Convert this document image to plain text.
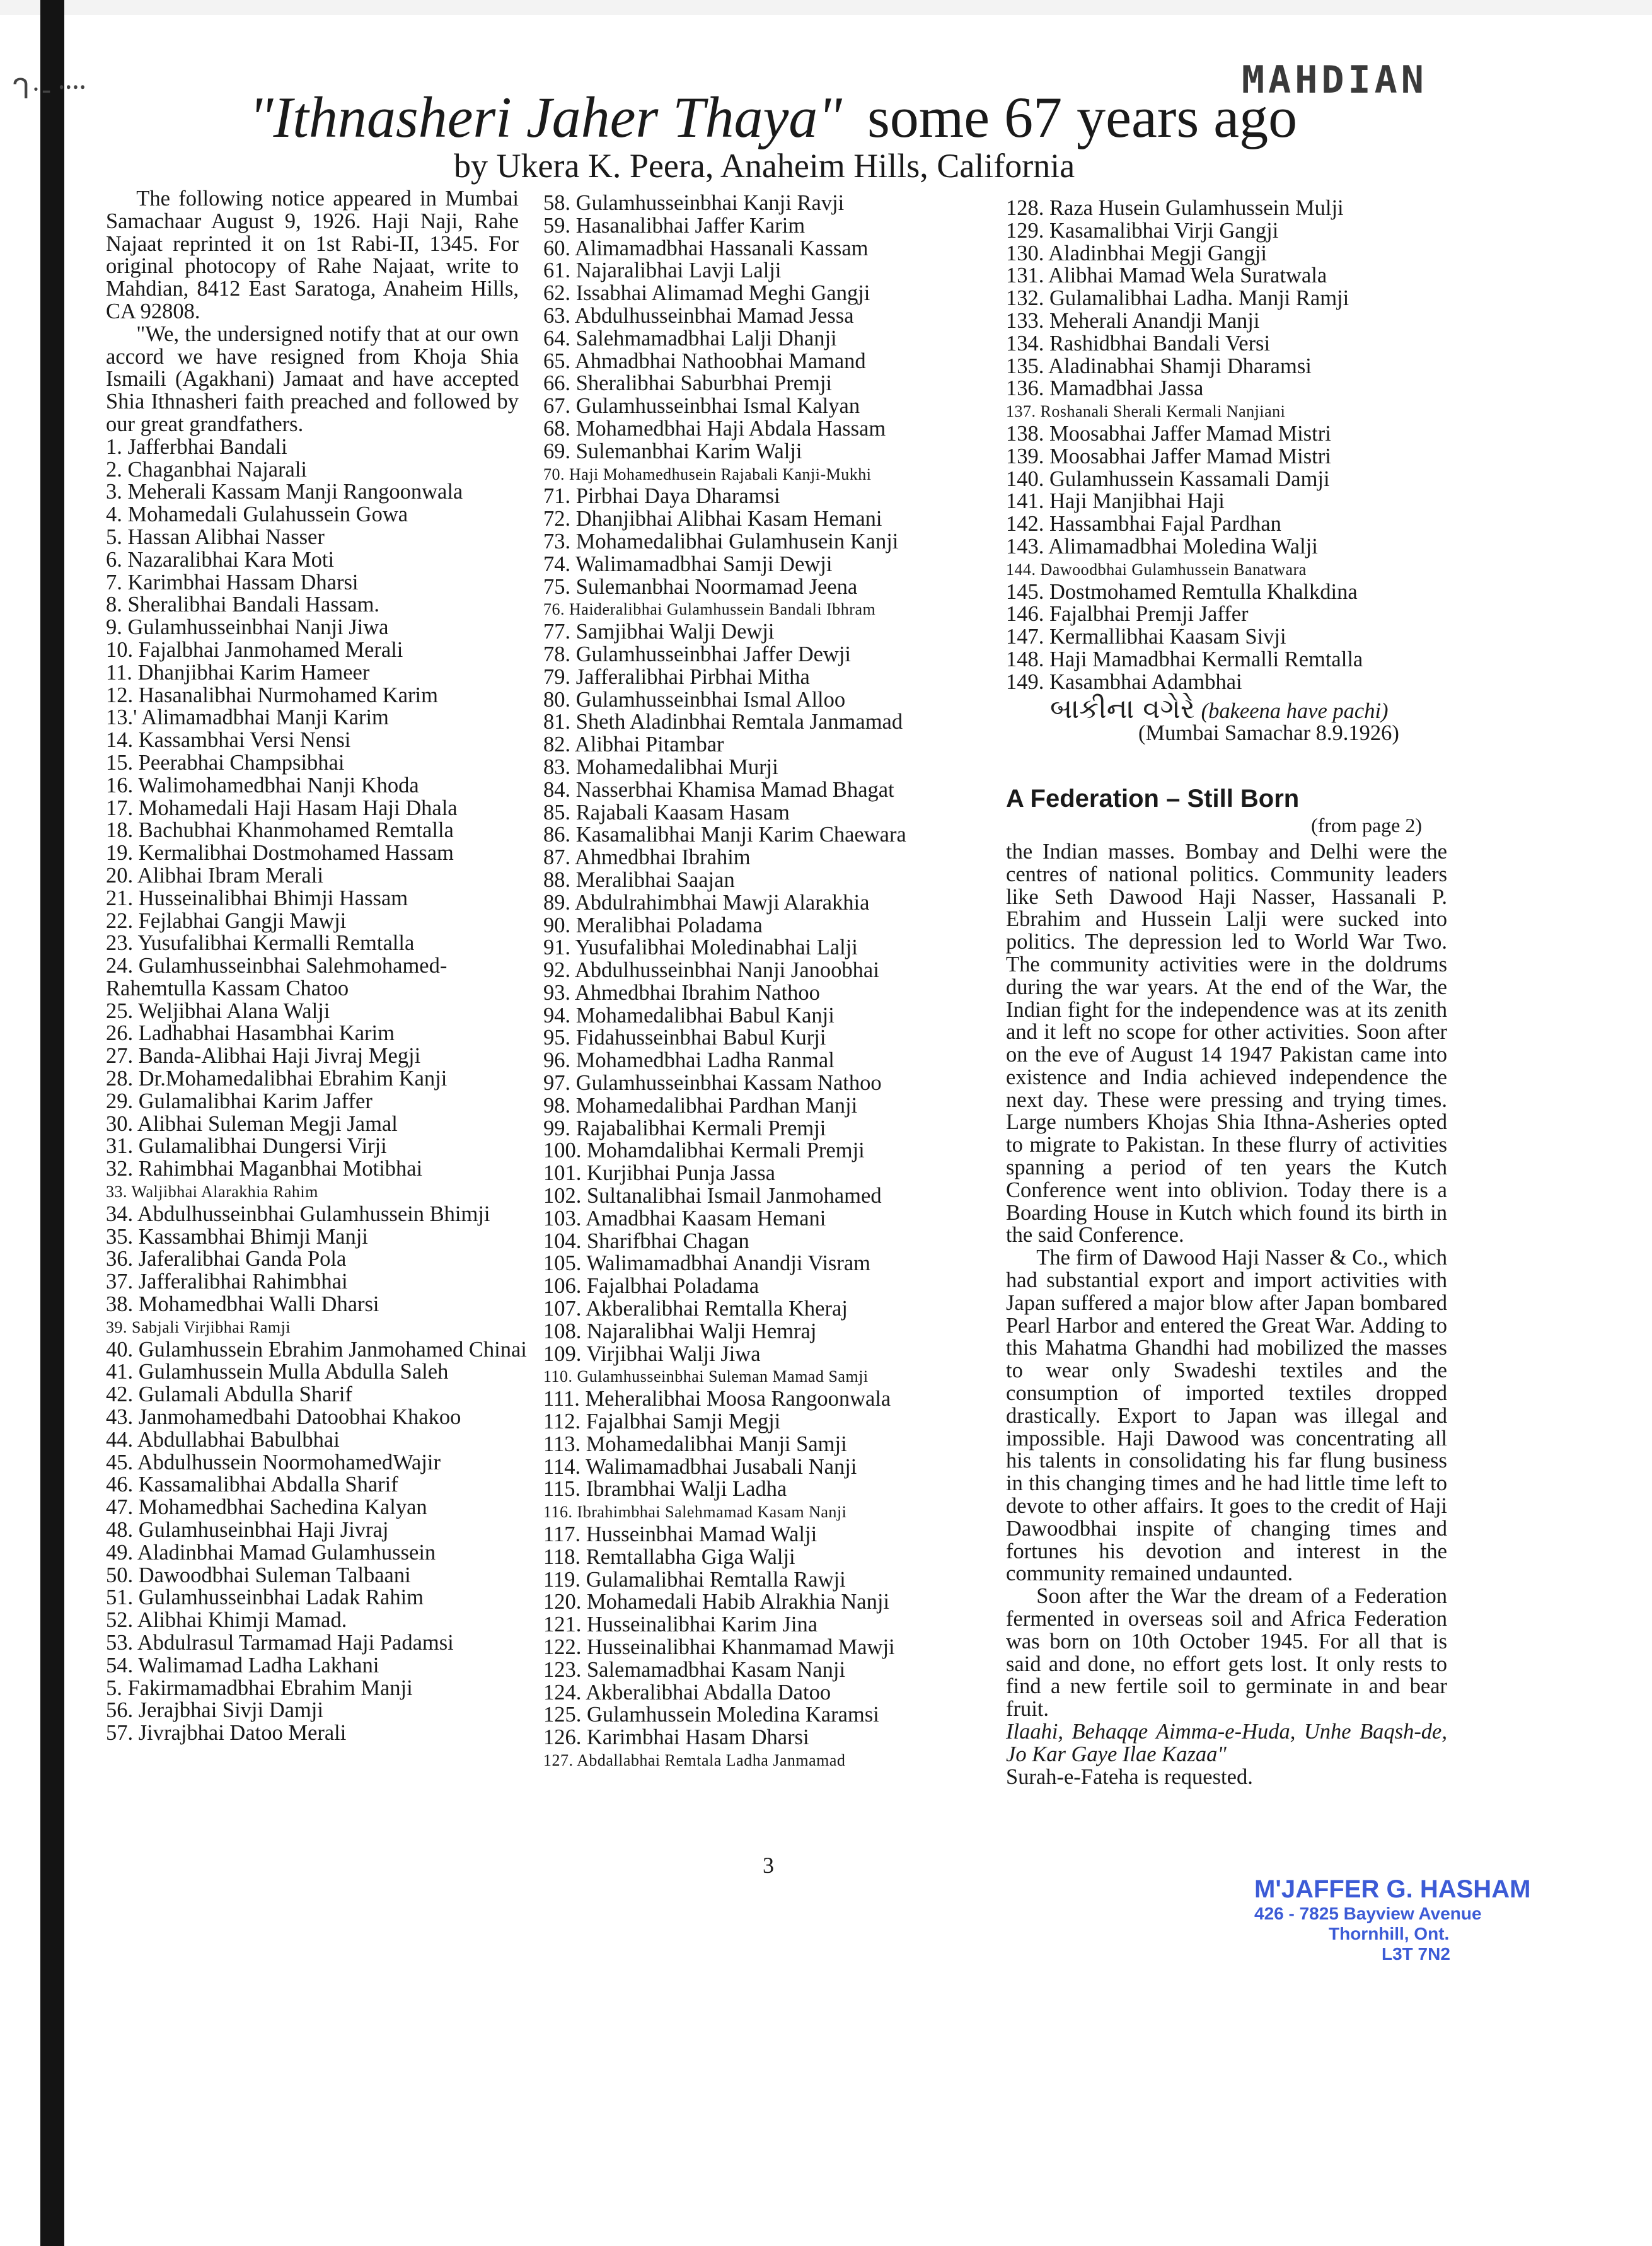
ᒉ·-᠁	MAHDIAN
"Ithnasheri Jaher Thaya" some 67 years ago
by Ukera K. Peera, Anaheim Hills, California

The following notice appeared in Mumbai Samachaar August 9, 1926. Haji Naji, Rahe Najaat reprinted it on 1st Rabi-II, 1345. For original photocopy of Rahe Najaat, write to Mahdian, 8412 East Saratoga, Anaheim Hills, CA 92808.

"We, the undersigned notify that at our own accord we have resigned from Khoja Shia Ismaili (Agakhani) Jamaat and have accepted Shia Ithnasheri faith preached and followed by our great grandfathers.

1. Jafferbhai Bandali
2. Chaganbhai Najarali
3. Meherali Kassam Manji Rangoonwala
4. Mohamedali Gulahussein Gowa
5. Hassan Alibhai Nasser
6. Nazaralibhai Kara Moti
7. Karimbhai Hassam Dharsi
8. Sheralibhai Bandali Hassam.
9. Gulamhusseinbhai Nanji Jiwa
10. Fajalbhai Janmohamed Merali
11. Dhanjibhai Karim Hameer
12. Hasanalibhai Nurmohamed Karim
13.' Alimamadbhai Manji Karim
14. Kassambhai Versi Nensi
15. Peerabhai Champsibhai
16. Walimohamedbhai Nanji Khoda
17. Mohamedali Haji Hasam Haji Dhala
18. Bachubhai Khanmohamed Remtalla
19. Kermalibhai Dostmohamed Hassam
20. Alibhai Ibram Merali
21. Husseinalibhai Bhimji Hassam
22. Fejlabhai Gangji Mawji
23. Yusufalibhai Kermalli Remtalla
24. Gulamhusseinbhai Salehmohamed-
Rahemtulla Kassam Chatoo
25. Weljibhai Alana Walji
26. Ladhabhai Hasambhai Karim
27. Banda-Alibhai Haji Jivraj Megji
28. Dr.Mohamedalibhai Ebrahim Kanji
29. Gulamalibhai Karim Jaffer
30. Alibhai Suleman Megji Jamal
31. Gulamalibhai Dungersi Virji
32. Rahimbhai Maganbhai Motibhai
33. Waljibhai Alarakhia Rahim
34. Abdulhusseinbhai Gulamhussein Bhimji
35. Kassambhai Bhimji Manji
36. Jaferalibhai Ganda Pola
37. Jafferalibhai Rahimbhai
38. Mohamedbhai Walli Dharsi
39. Sabjali Virjibhai Ramji
40. Gulamhussein Ebrahim Janmohamed Chinai
41. Gulamhussein Mulla Abdulla Saleh
42. Gulamali Abdulla Sharif
43. Janmohamedbahi Datoobhai Khakoo
44. Abdullabhai Babulbhai
45. Abdulhussein NoormohamedWajir
46. Kassamalibhai Abdalla Sharif
47. Mohamedbhai Sachedina Kalyan
48. Gulamhuseinbhai Haji Jivraj
49. Aladinbhai Mamad Gulamhussein
50. Dawoodbhai Suleman Talbaani
51. Gulamhusseinbhai Ladak Rahim
52. Alibhai Khimji Mamad.
53. Abdulrasul Tarmamad Haji Padamsi
54. Walimamad Ladha Lakhani
5. Fakirmamadbhai Ebrahim Manji
56. Jerajbhai Sivji Damji
57. Jivrajbhai Datoo Merali
58. Gulamhusseinbhai Kanji Ravji
59. Hasanalibhai Jaffer Karim
60. Alimamadbhai Hassanali Kassam
61. Najaralibhai Lavji Lalji
62. Issabhai Alimamad Meghi Gangji
63. Abdulhusseinbhai Mamad Jessa
64. Salehmamadbhai Lalji Dhanji
65. Ahmadbhai Nathoobhai Mamand
66. Sheralibhai Saburbhai Premji
67. Gulamhusseinbhai Ismal Kalyan
68. Mohamedbhai Haji Abdala Hassam
69. Sulemanbhai Karim Walji
70. Haji Mohamedhusein Rajabali Kanji-Mukhi
71. Pirbhai Daya Dharamsi
72. Dhanjibhai Alibhai Kasam Hemani
73. Mohamedalibhai Gulamhusein Kanji
74. Walimamadbhai Samji Dewji
75. Sulemanbhai Noormamad Jeena
76. Haideralibhai Gulamhussein Bandali Ibhram
77. Samjibhai Walji Dewji
78. Gulamhusseinbhai Jaffer Dewji
79. Jafferalibhai Pirbhai Mitha
80. Gulamhusseinbhai Ismal Alloo
81. Sheth Aladinbhai Remtala Janmamad
82. Alibhai Pitambar
83. Mohamedalibhai Murji
84. Nasserbhai Khamisa Mamad Bhagat
85. Rajabali Kaasam Hasam
86. Kasamalibhai Manji Karim Chaewara
87. Ahmedbhai Ibrahim
88. Meralibhai Saajan
89. Abdulrahimbhai Mawji Alarakhia
90. Meralibhai Poladama
91. Yusufalibhai Moledinabhai Lalji
92. Abdulhusseinbhai Nanji Janoobhai
93. Ahmedbhai Ibrahim Nathoo
94. Mohamedalibhai Babul Kanji
95. Fidahusseinbhai Babul Kurji
96. Mohamedbhai Ladha Ranmal
97. Gulamhusseinbhai Kassam Nathoo
98. Mohamedalibhai Pardhan Manji
99. Rajabalibhai Kermali Premji
100. Mohamdalibhai Kermali Premji
101. Kurjibhai Punja Jassa
102. Sultanalibhai Ismail Janmohamed
103. Amadbhai Kaasam Hemani
104. Sharifbhai Chagan
105. Walimamadbhai Anandji Visram
106. Fajalbhai Poladama
107. Akberalibhai Remtalla Kheraj
108. Najaralibhai Walji Hemraj
109. Virjibhai Walji Jiwa
110. Gulamhusseinbhai Suleman Mamad Samji
111. Meheralibhai Moosa Rangoonwala
112. Fajalbhai Samji Megji
113. Mohamedalibhai Manji Samji
114. Walimamadbhai Jusabali Nanji
115. Ibrambhai Walji Ladha
116. Ibrahimbhai Salehmamad Kasam Nanji
117. Husseinbhai Mamad Walji
118. Remtallabha Giga Walji
119. Gulamalibhai Remtalla Rawji
120. Mohamedali Habib Alrakhia Nanji
121. Husseinalibhai Karim Jina
122. Husseinalibhai Khanmamad Mawji
123. Salemamadbhai Kasam Nanji
124. Akberalibhai Abdalla Datoo
125. Gulamhussein Moledina Karamsi
126. Karimbhai Hasam Dharsi
127. Abdallabhai Remtala Ladha Janmamad
128. Raza Husein Gulamhussein Mulji
129. Kasamalibhai Virji Gangji
130. Aladinbhai Megji Gangji
131. Alibhai Mamad Wela Suratwala
132. Gulamalibhai Ladha. Manji Ramji
133. Meherali Anandji Manji
134. Rashidbhai Bandali Versi
135. Aladinabhai Shamji Dharamsi
136. Mamadbhai Jassa
137. Roshanali Sherali Kermali Nanjiani
138. Moosabhai Jaffer Mamad Mistri
139. Moosabhai Jaffer Mamad Mistri
140. Gulamhussein Kassamali Damji
141. Haji Manjibhai Haji
142. Hassambhai Fajal Pardhan
143. Alimamadbhai Moledina Walji
144. Dawoodbhai Gulamhussein Banatwara
145. Dostmohamed Remtulla Khalkdina
146. Fajalbhai Premji Jaffer
147. Kermallibhai Kaasam Sivji
148. Haji Mamadbhai Kermalli Remtalla
149. Kasambhai Adambhai
બાકીના વગેરે (bakeena have pachi)
(Mumbai Samachar 8.9.1926)
A Federation – Still Born
(from page 2)

the Indian masses. Bombay and Delhi were the centres of national politics. Community leaders like Seth Dawood Haji Nasser, Hassanali P. Ebrahim and Hussein Lalji were sucked into politics. The depression led to World War Two. The community activities were in the doldrums during the war years. At the end of the War, the Indian fight for the independence was at its zenith and it left no scope for other activities. Soon after on the eve of August 14 1947 Pakistan came into existence and India achieved independence the next day. These were pressing and trying times. Large numbers Khojas Shia Ithna-Asheries opted to migrate to Pakistan. In these flurry of activities spanning a period of ten years the Kutch Conference went into oblivion. Today there is a Boarding House in Kutch which found its birth in the said Conference.

The firm of Dawood Haji Nasser & Co., which had substantial export and import activities with Japan suffered a major blow after Japan bombared Pearl Harbor and entered the Great War. Adding to this Mahatma Ghandhi had mobilized the masses to wear only Swadeshi textiles and the consumption of imported textiles dropped drastically. Export to Japan was illegal and impossible. Haji Dawood was concentrating all his talents in consolidating his far flung business in this changing times and he had little time left to devote to other affairs. It goes to the credit of Haji Dawoodbhai inspite of changing times and fortunes his devotion and interest in the community remained undaunted.

Soon after the War the dream of a Federation fermented in overseas soil and Africa Federation was born on 10th October 1945. For all that is said and done, no effort gets lost. It only rests to find a new fertile soil to germinate in and bear fruit.

Ilaahi, Behaqqe Aimma-e-Huda, Unhe Baqsh-de, Jo Kar Gaye Ilae Kazaa"

Surah-e-Fateha is requested.

3
M'JAFFER G. HASHAM
426 - 7825 Bayview Avenue
Thornhill, Ont.
L3T 7N2
